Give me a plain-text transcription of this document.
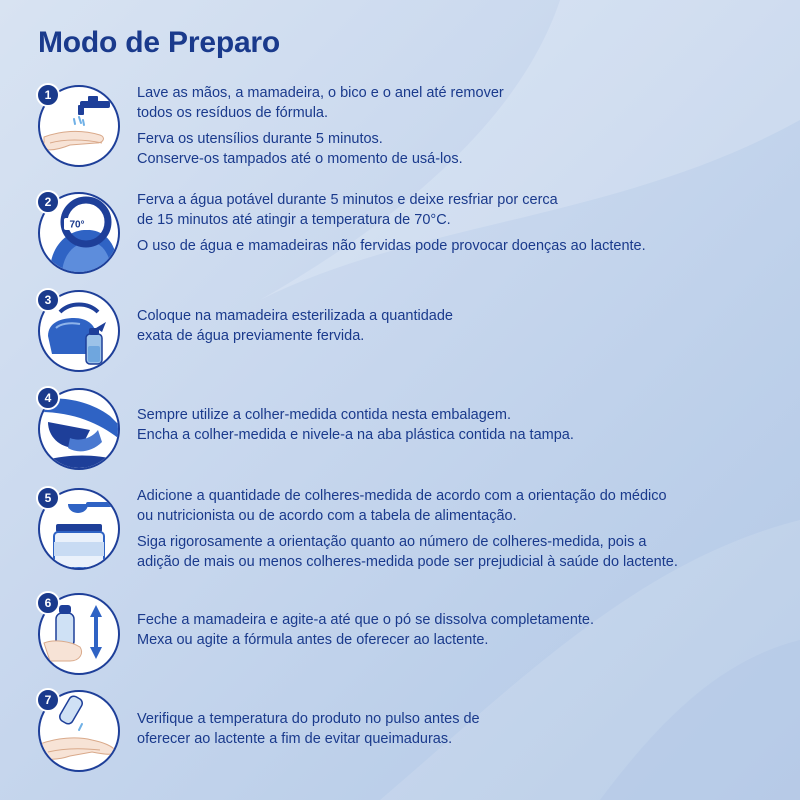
Modo de Preparo
1	Lave as mãos, a mamadeira, o bico e o anel até remover
todos os resíduos de fórmula.

Ferva os utensílios durante 5 minutos.
Conserve-os tampados até o momento de usá-los.

70°
2	Ferva a água potável durante 5 minutos e deixe resfriar por cerca
de 15 minutos até atingir a temperatura de 70°C.

O uso de água e mamadeiras não fervidas pode provocar doenças ao lactente.

3

Coloque na mamadeira esterilizada a quantidade
exata de água previamente fervida.

4

Sempre utilize a colher-medida contida nesta embalagem.
Encha a colher-medida e nivele-a na aba plástica contida na tampa.

5	Adicione a quantidade de colheres-medida de acordo com a orientação do médico
ou nutricionista ou de acordo com a tabela de alimentação.

Siga rigorosamente a orientação quanto ao número de colheres-medida, pois a
adição de mais ou menos colheres-medida pode ser prejudicial à saúde do lactente.

6

Feche a mamadeira e agite-a até que o pó se dissolva completamente.
Mexa ou agite a fórmula antes de oferecer ao lactente.

7

Verifique a temperatura do produto no pulso antes de
oferecer ao lactente a fim de evitar queimaduras.
